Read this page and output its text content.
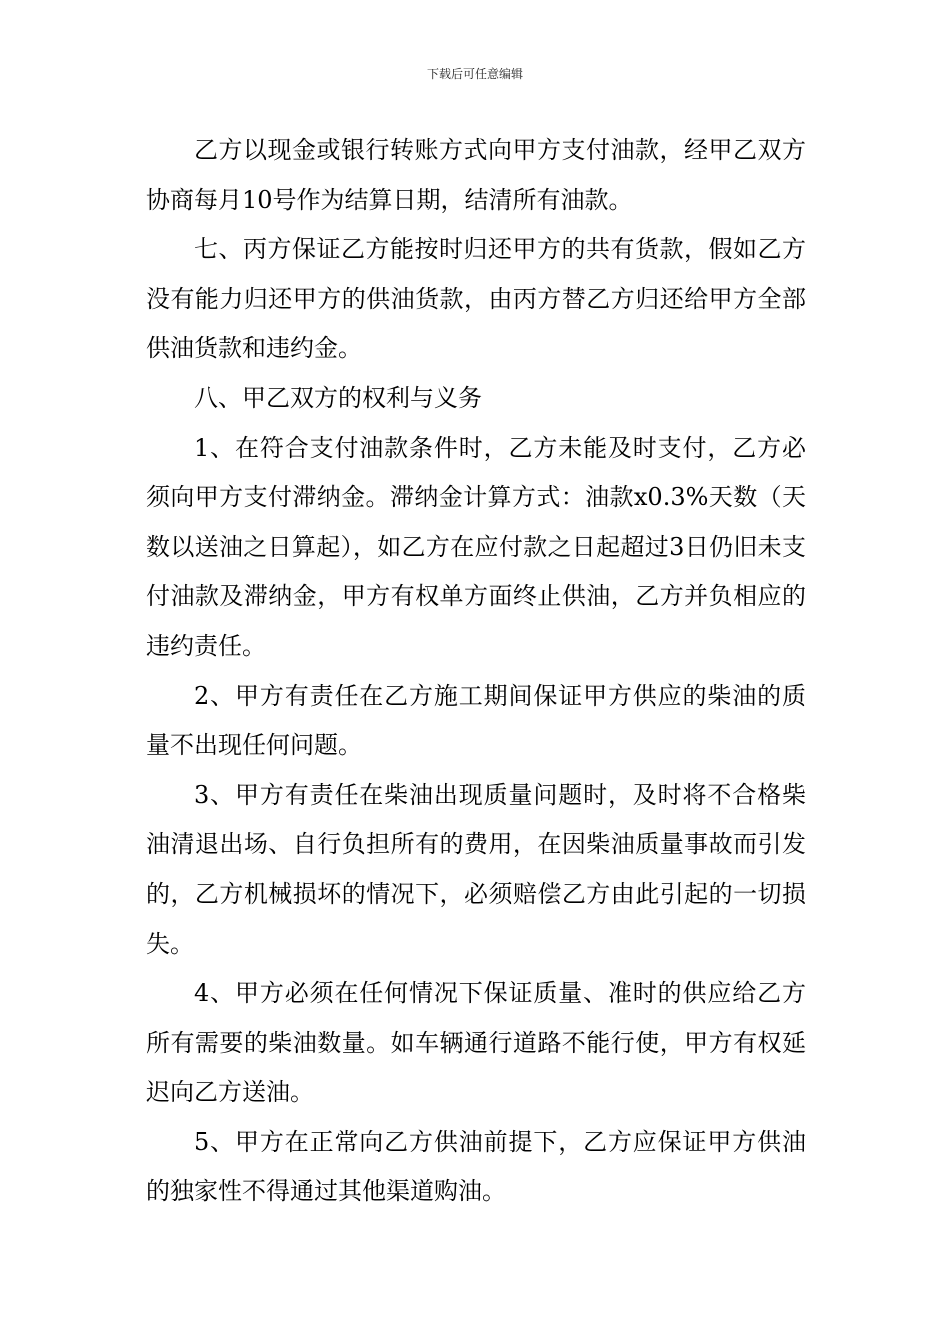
下载后可任意编辑

乙方以现金或银行转账方式向甲方支付油款，经甲乙双方协商每月10号作为结算日期，结清所有油款。

七、丙方保证乙方能按时归还甲方的共有货款，假如乙方没有能力归还甲方的供油货款，由丙方替乙方归还给甲方全部供油货款和违约金。

八、甲乙双方的权利与义务

1、在符合支付油款条件时，乙方未能及时支付，乙方必须向甲方支付滞纳金。滞纳金计算方式：油款x0.3%天数（天数以送油之日算起），如乙方在应付款之日起超过3日仍旧未支付油款及滞纳金，甲方有权单方面终止供油，乙方并负相应的违约责任。

2、甲方有责任在乙方施工期间保证甲方供应的柴油的质量不出现任何问题。

3、甲方有责任在柴油出现质量问题时，及时将不合格柴油清退出场、自行负担所有的费用，在因柴油质量事故而引发的，乙方机械损坏的情况下，必须赔偿乙方由此引起的一切损失。

4、甲方必须在任何情况下保证质量、准时的供应给乙方所有需要的柴油数量。如车辆通行道路不能行使，甲方有权延迟向乙方送油。

5、甲方在正常向乙方供油前提下，乙方应保证甲方供油的独家性不得通过其他渠道购油。
